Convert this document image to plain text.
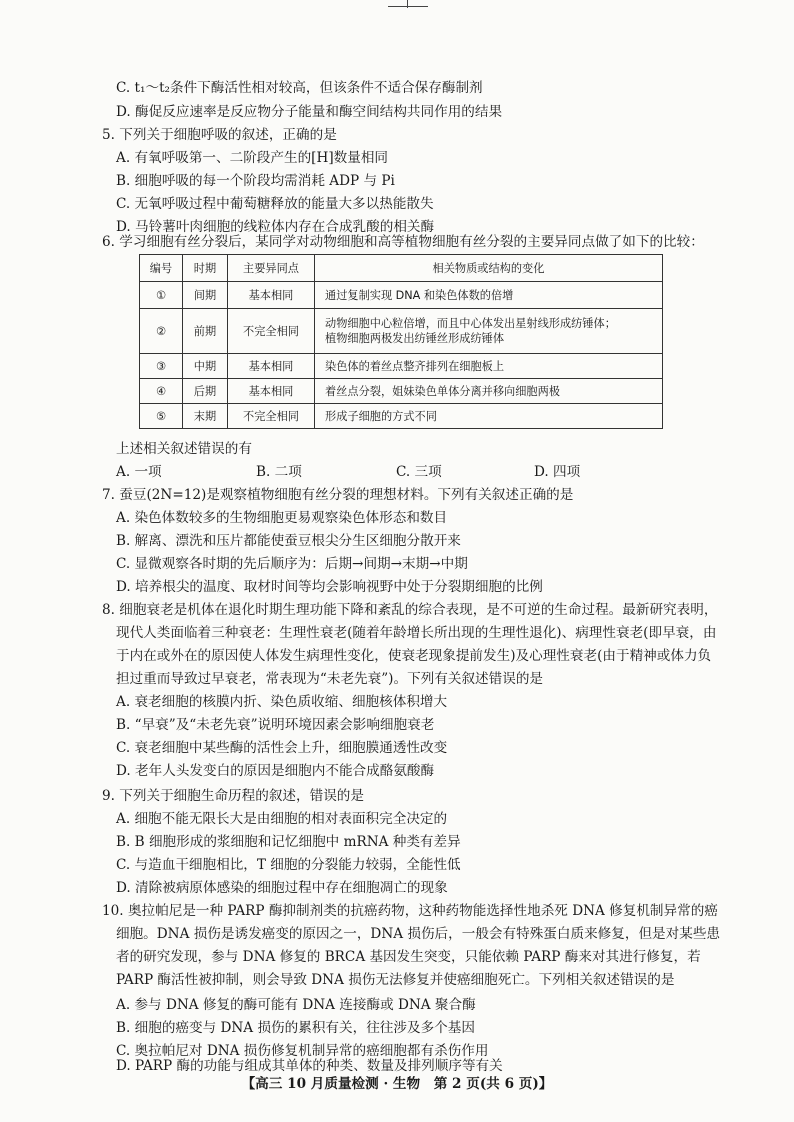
C. t₁〜t₂条件下酶活性相对较高，但该条件不适合保存酶制剂
D. 酶促反应速率是反应物分子能量和酶空间结构共同作用的结果
5. 下列关于细胞呼吸的叙述，正确的是
A. 有氧呼吸第一、二阶段产生的[H]数量相同
B. 细胞呼吸的每一个阶段均需消耗 ADP 与 Pi
C. 无氧呼吸过程中葡萄糖释放的能量大多以热能散失
D. 马铃薯叶肉细胞的线粒体内存在合成乳酸的相关酶
6. 学习细胞有丝分裂后，某同学对动物细胞和高等植物细胞有丝分裂的主要异同点做了如下的比较：
编号	时期	主要异同点	相关物质或结构的变化
①	间期	基本相同	通过复制实现 DNA 和染色体数的倍增
②	前期	不完全相同	动物细胞中心粒倍增，而且中心体发出星射线形成纺锤体；
植物细胞两极发出纺锤丝形成纺锤体

③	中期	基本相同	染色体的着丝点整齐排列在细胞板上
④	后期	基本相同	着丝点分裂，姐妹染色单体分离并移向细胞两极
⑤	末期	不完全相同	形成子细胞的方式不同
上述相关叙述错误的有
A. 一项	B. 二项	C. 三项	D. 四项
7. 蚕豆(2N=12)是观察植物细胞有丝分裂的理想材料。下列有关叙述正确的是
A. 染色体数较多的生物细胞更易观察染色体形态和数目
B. 解离、漂洗和压片都能使蚕豆根尖分生区细胞分散开来
C. 显微观察各时期的先后顺序为：后期→间期→末期→中期
D. 培养根尖的温度、取材时间等均会影响视野中处于分裂期细胞的比例
8. 细胞衰老是机体在退化时期生理功能下降和紊乱的综合表现，是不可逆的生命过程。最新研究表明，
现代人类面临着三种衰老：生理性衰老(随着年龄增长所出现的生理性退化)、病理性衰老(即早衰，由
于内在或外在的原因使人体发生病理性变化，使衰老现象提前发生)及心理性衰老(由于精神或体力负
担过重而导致过早衰老，常表现为“未老先衰”)。下列有关叙述错误的是
A. 衰老细胞的核膜内折、染色质收缩、细胞核体积增大
B. “早衰”及“未老先衰”说明环境因素会影响细胞衰老
C. 衰老细胞中某些酶的活性会上升，细胞膜通透性改变
D. 老年人头发变白的原因是细胞内不能合成酪氨酸酶
9. 下列关于细胞生命历程的叙述，错误的是
A. 细胞不能无限长大是由细胞的相对表面积完全决定的
B. B 细胞形成的浆细胞和记忆细胞中 mRNA 种类有差异
C. 与造血干细胞相比，T 细胞的分裂能力较弱，全能性低
D. 清除被病原体感染的细胞过程中存在细胞凋亡的现象
10. 奥拉帕尼是一种 PARP 酶抑制剂类的抗癌药物，这种药物能选择性地杀死 DNA 修复机制异常的癌
细胞。DNA 损伤是诱发癌变的原因之一，DNA 损伤后，一般会有特殊蛋白质来修复，但是对某些患
者的研究发现，参与 DNA 修复的 BRCA 基因发生突变，只能依赖 PARP 酶来对其进行修复，若
PARP 酶活性被抑制，则会导致 DNA 损伤无法修复并使癌细胞死亡。下列相关叙述错误的是
A. 参与 DNA 修复的酶可能有 DNA 连接酶或 DNA 聚合酶
B. 细胞的癌变与 DNA 损伤的累积有关，往往涉及多个基因
C. 奥拉帕尼对 DNA 损伤修复机制异常的癌细胞都有杀伤作用
【高三 10 月质量检测 · 生物　第 2 页(共 6 页)】
D. PARP 酶的功能与组成其单体的种类、数量及排列顺序等有关
